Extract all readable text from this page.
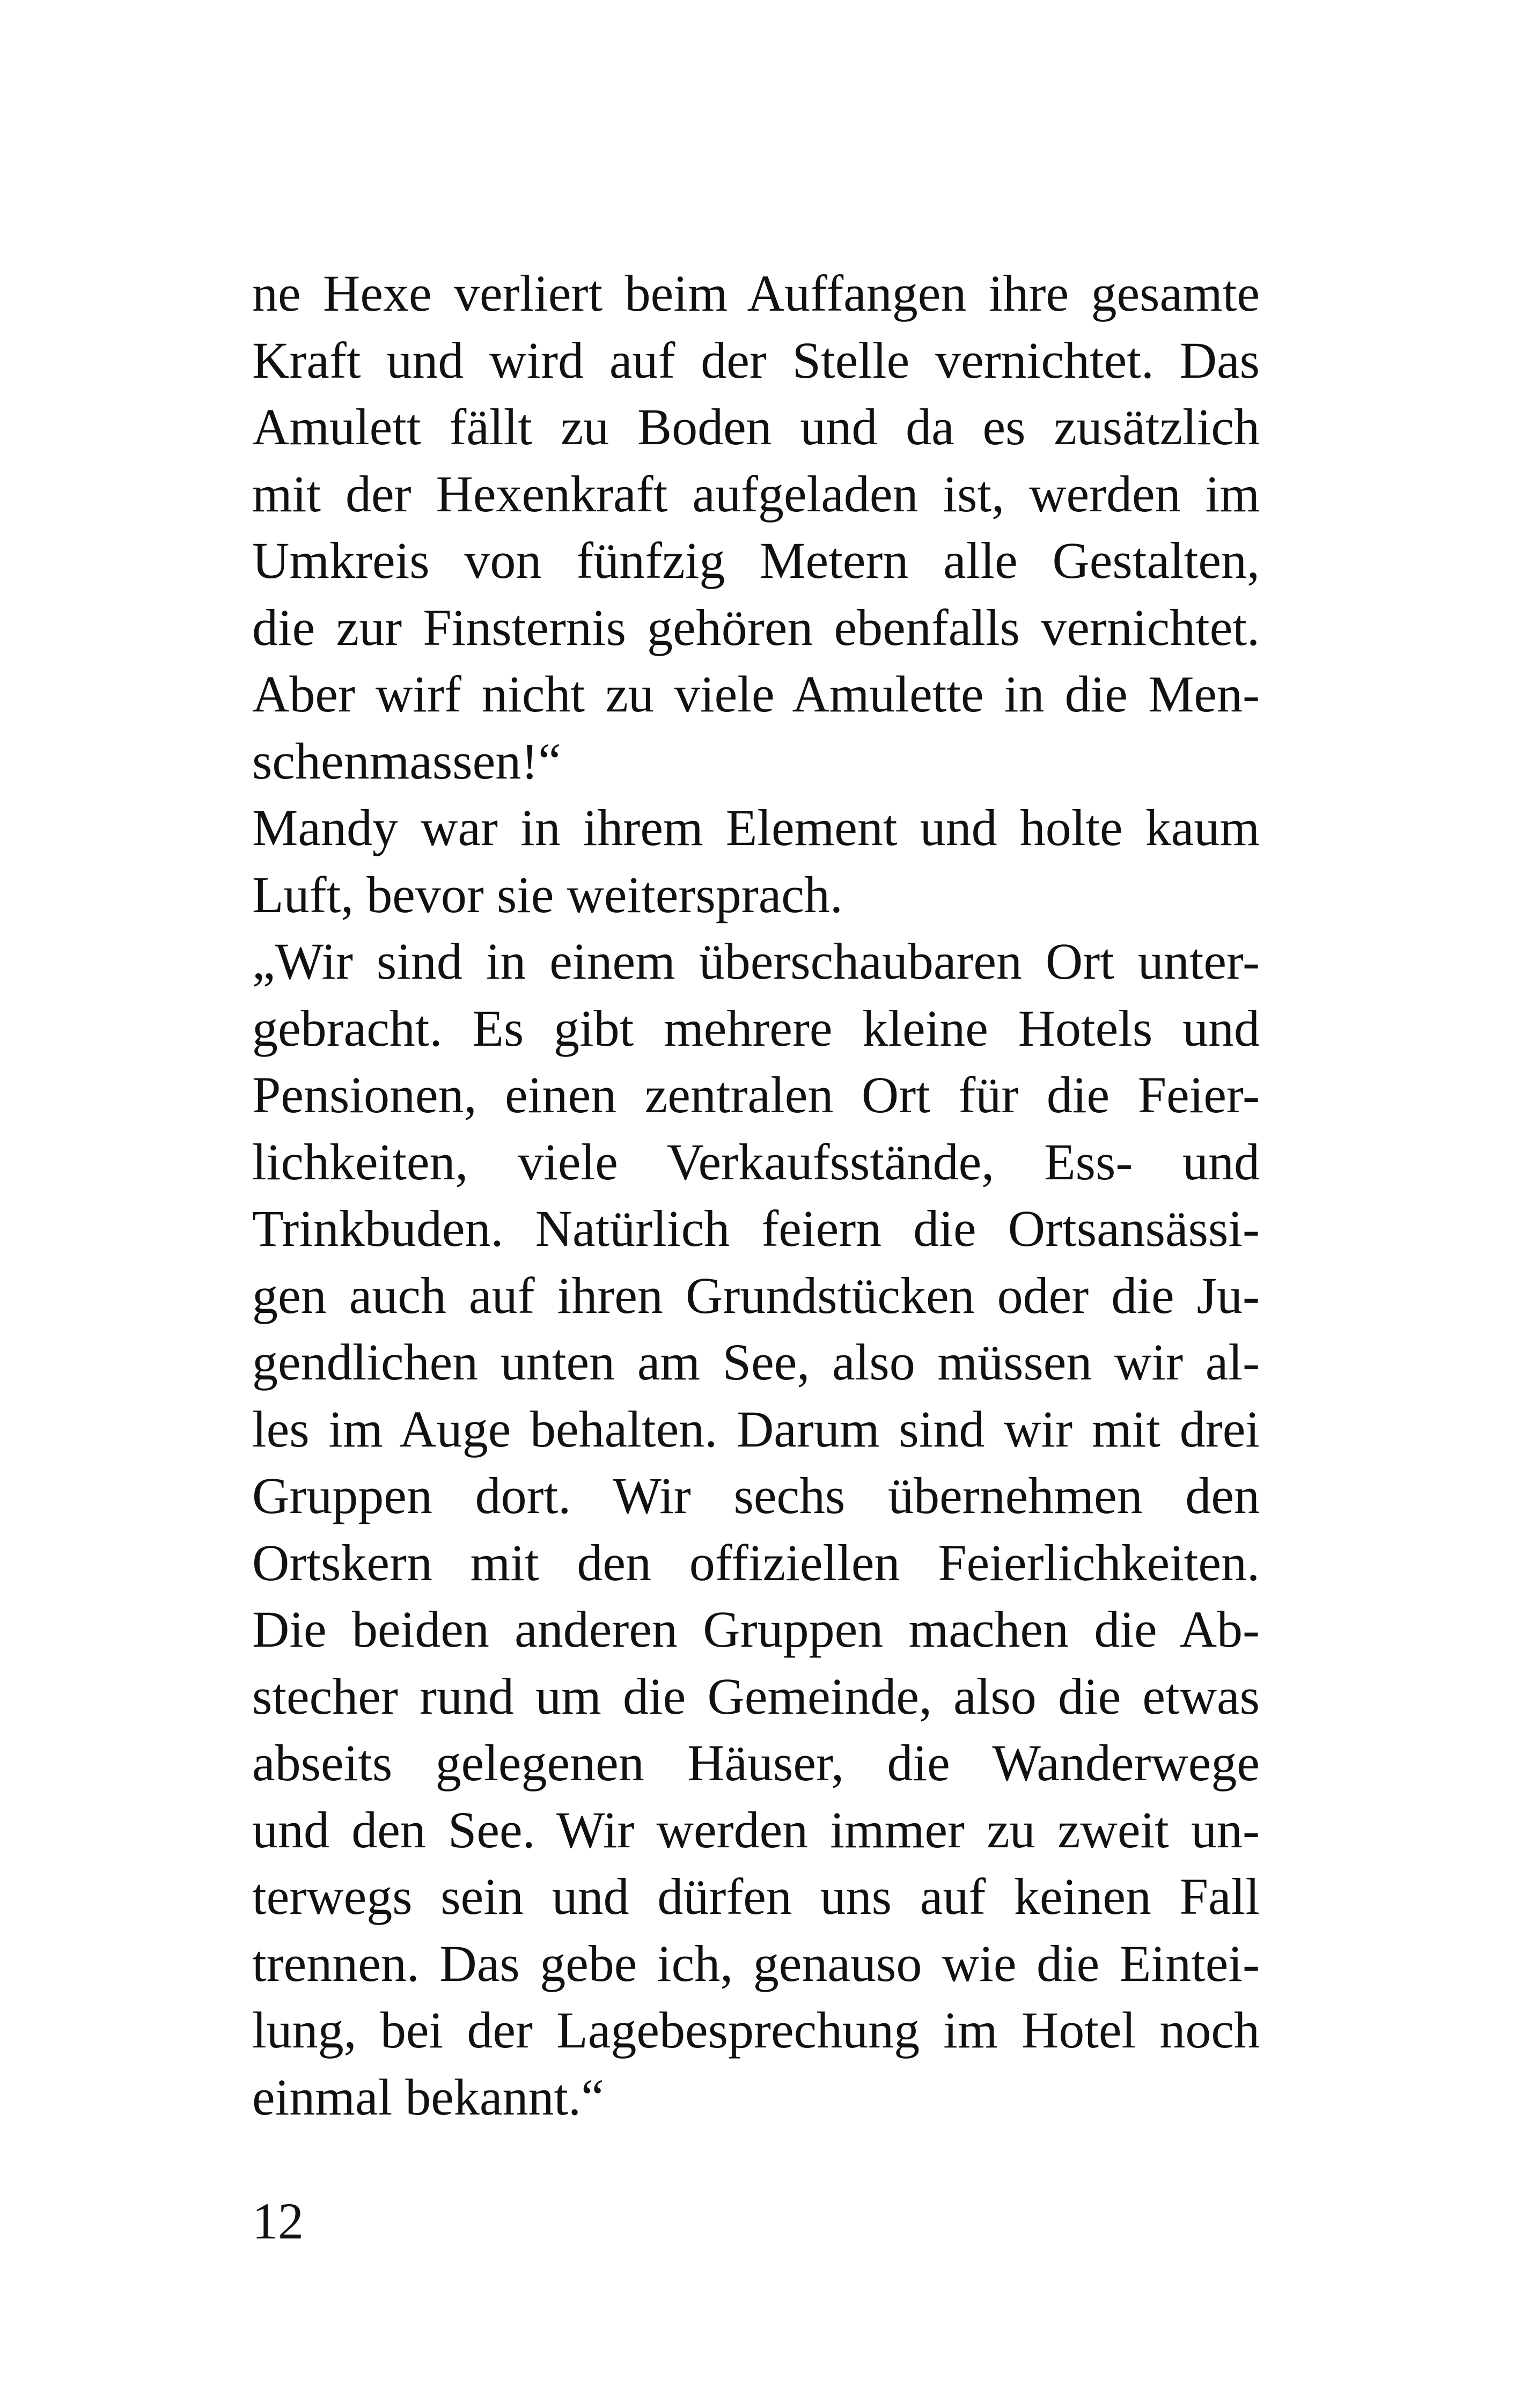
ne Hexe verliert beim Auffangen ihre gesamte
Kraft und wird auf der Stelle vernichtet. Das
Amulett fällt zu Boden und da es zusätzlich
mit der Hexenkraft aufgeladen ist, werden im
Umkreis von fünfzig Metern alle Gestalten,
die zur Finsternis gehören ebenfalls vernichtet.
Aber wirf nicht zu viele Amulette in die Men-
schenmassen!“
Mandy war in ihrem Element und holte kaum
Luft, bevor sie weitersprach.
„Wir sind in einem überschaubaren Ort unter-
gebracht. Es gibt mehrere kleine Hotels und
Pensionen, einen zentralen Ort für die Feier-
lichkeiten, viele Verkaufsstände, Ess- und
Trinkbuden. Natürlich feiern die Ortsansässi-
gen auch auf ihren Grundstücken oder die Ju-
gendlichen unten am See, also müssen wir al-
les im Auge behalten. Darum sind wir mit drei
Gruppen dort. Wir sechs übernehmen den
Ortskern mit den offiziellen Feierlichkeiten.
Die beiden anderen Gruppen machen die Ab-
stecher rund um die Gemeinde, also die etwas
abseits gelegenen Häuser, die Wanderwege
und den See. Wir werden immer zu zweit un-
terwegs sein und dürfen uns auf keinen Fall
trennen. Das gebe ich, genauso wie die Eintei-
lung, bei der Lagebesprechung im Hotel noch
einmal bekannt.“
12
